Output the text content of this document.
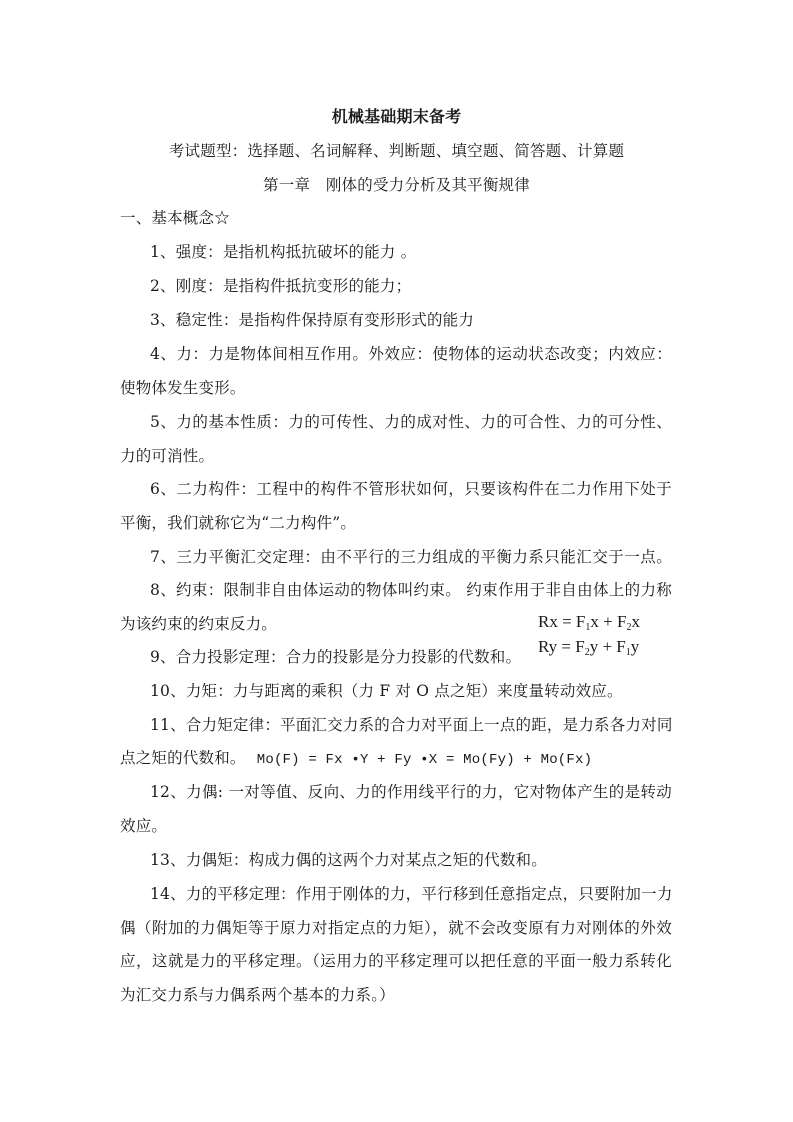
机械基础期末备考
考试题型：选择题、名词解释、判断题、填空题、简答题、计算题
第一章　刚体的受力分析及其平衡规律
一、基本概念☆
1、强度：是指机构抵抗破坏的能力 。
2、刚度：是指构件抵抗变形的能力；
3、稳定性：是指构件保持原有变形形式的能力
4、力：力是物体间相互作用。外效应：使物体的运动状态改变；内效应：
使物体发生变形。
5、力的基本性质：力的可传性、力的成对性、力的可合性、力的可分性、
力的可消性。
6、二力构件：工程中的构件不管形状如何，只要该构件在二力作用下处于
平衡，我们就称它为“二力构件”。
7、三力平衡汇交定理：由不平行的三力组成的平衡力系只能汇交于一点。
8、约束：限制非自由体运动的物体叫约束。 约束作用于非自由体上的力称
为该约束的约束反力。
9、合力投影定理：合力的投影是分力投影的代数和。
$Rx = F_1x + F_2x$
$Ry = F_2y + F_1y$
10、力矩：力与距离的乘积（力 F 对 O 点之矩）来度量转动效应。
11、合力矩定律：平面汇交力系的合力对平面上一点的距，是力系各力对同
点之矩的代数和。 Mo(F) = Fx •Y + Fy •X = Mo(Fy) + Mo(Fx)
12、力偶: 一对等值、反向、力的作用线平行的力，它对物体产生的是转动
效应。
13、力偶矩：构成力偶的这两个力对某点之矩的代数和。
14、力的平移定理：作用于刚体的力，平行移到任意指定点，只要附加一力
偶（附加的力偶矩等于原力对指定点的力矩），就不会改变原有力对刚体的外效
应，这就是力的平移定理。（运用力的平移定理可以把任意的平面一般力系转化
为汇交力系与力偶系两个基本的力系。）
